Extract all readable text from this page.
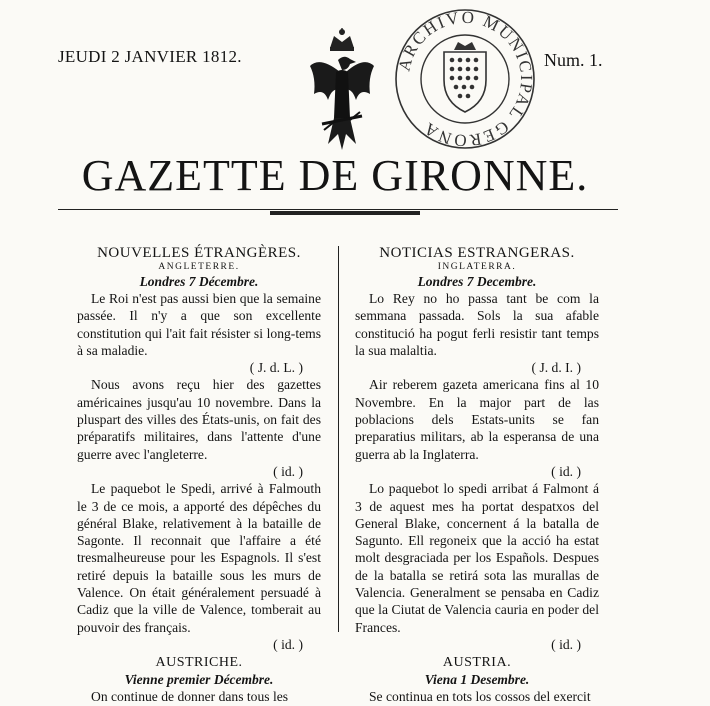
JEUDI 2 JANVIER 1812.	Num. 1.
ARCHIVO MUNICIPAL GERONA
GAZETTE DE GIRONNE.
NOUVELLES ÉTRANGÈRES.
ANGLETERRE.
Londres 7 Décembre.

Le Roi n'est pas aussi bien que la semaine passée. Il n'y a que son excellente constitution qui l'ait fait résister si long-tems à sa maladie.
( J. d. L. )

Nous avons reçu hier des gazettes américaines jusqu'au 10 novembre. Dans la pluspart des villes des États-unis, on fait des préparatifs militaires, dans l'attente d'une guerre avec l'angleterre.
( id. )

Le paquebot le Spedi, arrivé à Falmouth le 3 de ce mois, a apporté des dépêches du général Blake, relativement à la bataille de Sagonte. Il reconnait que l'affaire a été tresmalheureuse pour les Espagnols. Il s'est retiré depuis la bataille sous les murs de Valence. On était généralement persuadé à Cadiz que la ville de Valence, tomberait au pouvoir des français.
( id. )

AUSTRICHE.
Vienne premier Décembre.

On continue de donner dans tous les

NOTICIAS ESTRANGERAS.
INGLATERRA.
Londres 7 Decembre.

Lo Rey no ho passa tant be com la semmana passada. Sols la sua afable constitució ha pogut ferli resistir tant temps la sua malaltia.
( J. d. I. )

Air reberem gazeta americana fins al 10 Novembre. En la major part de las poblacions dels Estats-units se fan preparatius militars, ab la esperansa de una guerra ab la Inglaterra.
( id. )

Lo paquebot lo spedi arribat á Falmont á 3 de aquest mes ha portat despatxos del General Blake, concernent á la batalla de Sagunto. Ell regoneix que la acció ha estat molt desgraciada per los Españols. Despues de la batalla se retirá sota las murallas de Valencia. Generalment se pensaba en Cadiz que la Ciutat de Valencia cauria en poder del Frances.
( id. )

AUSTRIA.
Viena 1 Desembre.

Se continua en tots los cossos del exercit
